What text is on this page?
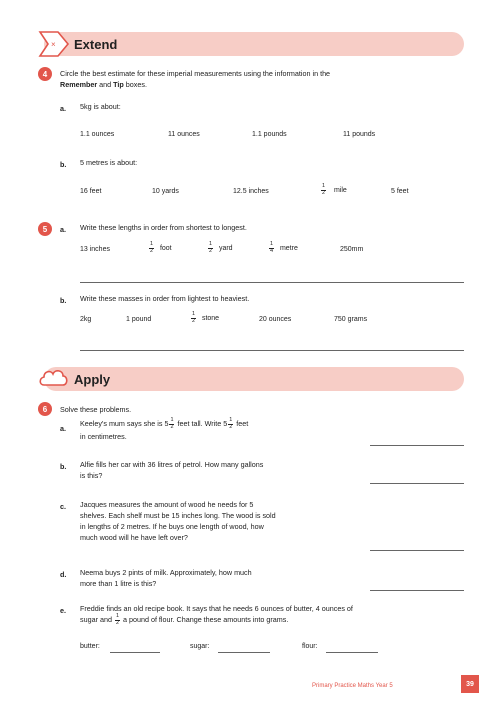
× Extend
4	Circle the best estimate for these imperial measurements using the information in the
Remember and Tip boxes.
a. 5kg is about:
1.1 ounces	11 ounces	1.1 pounds	11 pounds
b. 5 metres is about:
16 feet	10 yards	12.5 inches	$\frac{1}{2}$ mile	5 feet
5	a. Write these lengths in order from shortest to longest.
13 inches	$\frac{1}{2}$ foot	$\frac{1}{2}$ yard	$\frac{1}{4}$ metre	250mm
b. Write these masses in order from lightest to heaviest.
2kg	1 pound	$\frac{1}{2}$ stone	20 ounces	750 grams
Apply
6	Solve these problems.
a.
Keeley's mum says she is $5 \frac{1}{2}$ feet tall. Write $5 \frac{1}{2}$ feet
in centimetres.
b. Alfie fills her car with 36 litres of petrol. How many gallons
is this?
c. Jacques measures the amount of wood he needs for 5
shelves. Each shelf must be 15 inches long. The wood is sold
in lengths of 2 metres. If he buys one length of wood, how
much wood will he have left over?
d. Neema buys 2 pints of milk. Approximately, how much
more than 1 litre is this?
e. Freddie finds an old recipe book. It says that he needs 6 ounces of butter, 4 ounces of
sugar and $\frac{1}{2}$ a pound of flour. Change these amounts into grams.
butter:	sugar:	flour:
Primary Practice Maths Year 5	39
